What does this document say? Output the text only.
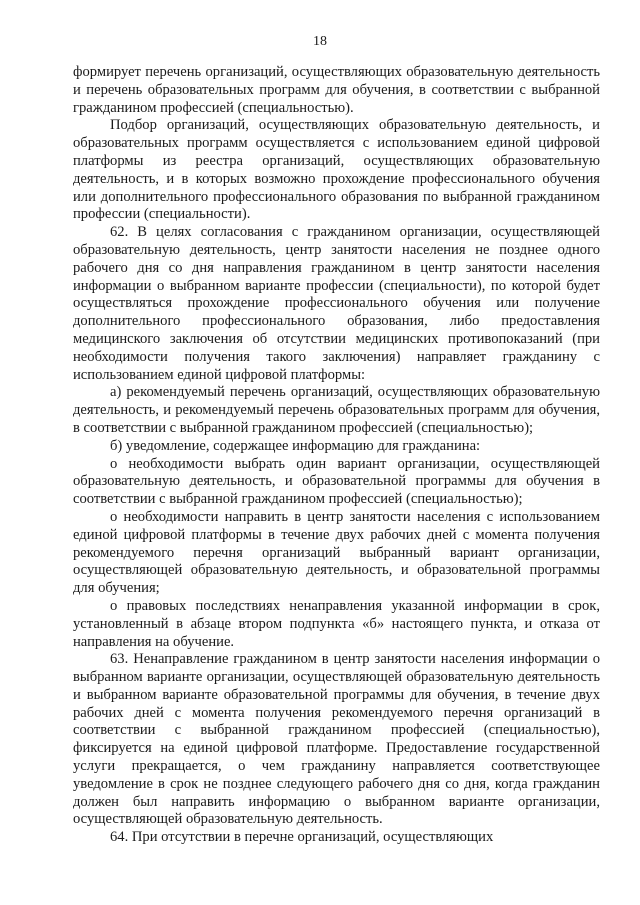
18

формирует перечень организаций, осуществляющих образовательную деятельность и перечень образовательных программ для обучения, в соответствии с выбранной гражданином профессией (специальностью).

Подбор организаций, осуществляющих образовательную деятельность, и образовательных программ осуществляется с использованием единой цифровой платформы из реестра организаций, осуществляющих образовательную деятельность, и в которых возможно прохождение профессионального обучения или дополнительного профессионального образования по выбранной гражданином профессии (специальности).

62. В целях согласования с гражданином организации, осуществляющей образовательную деятельность, центр занятости населения не позднее одного рабочего дня со дня направления гражданином в центр занятости населения информации о выбранном варианте профессии (специальности), по которой будет осуществляться прохождение профессионального обучения или получение дополнительного профессионального образования, либо предоставления медицинского заключения об отсутствии медицинских противопоказаний (при необходимости получения такого заключения) направляет гражданину с использованием единой цифровой платформы:

а) рекомендуемый перечень организаций, осуществляющих образовательную деятельность, и рекомендуемый перечень образовательных программ для обучения, в соответствии с выбранной гражданином профессией (специальностью);

б) уведомление, содержащее информацию для гражданина:

о необходимости выбрать один вариант организации, осуществляющей образовательную деятельность, и образовательной программы для обучения в соответствии с выбранной гражданином профессией (специальностью);

о необходимости направить в центр занятости населения с использованием единой цифровой платформы в течение двух рабочих дней с момента получения рекомендуемого перечня организаций выбранный вариант организации, осуществляющей образовательную деятельность, и образовательной программы для обучения;

о правовых последствиях ненаправления указанной информации в срок, установленный в абзаце втором подпункта «б» настоящего пункта, и отказа от направления на обучение.

63. Ненаправление гражданином в центр занятости населения информации о выбранном варианте организации, осуществляющей образовательную деятельность и выбранном варианте образовательной программы для обучения, в течение двух рабочих дней с момента получения рекомендуемого перечня организаций в соответствии с выбранной гражданином профессией (специальностью), фиксируется на единой цифровой платформе. Предоставление государственной услуги прекращается, о чем гражданину направляется соответствующее уведомление в срок не позднее следующего рабочего дня со дня, когда гражданин должен был направить информацию о выбранном варианте организации, осуществляющей образовательную деятельность.

64. При отсутствии в перечне организаций, осуществляющих
